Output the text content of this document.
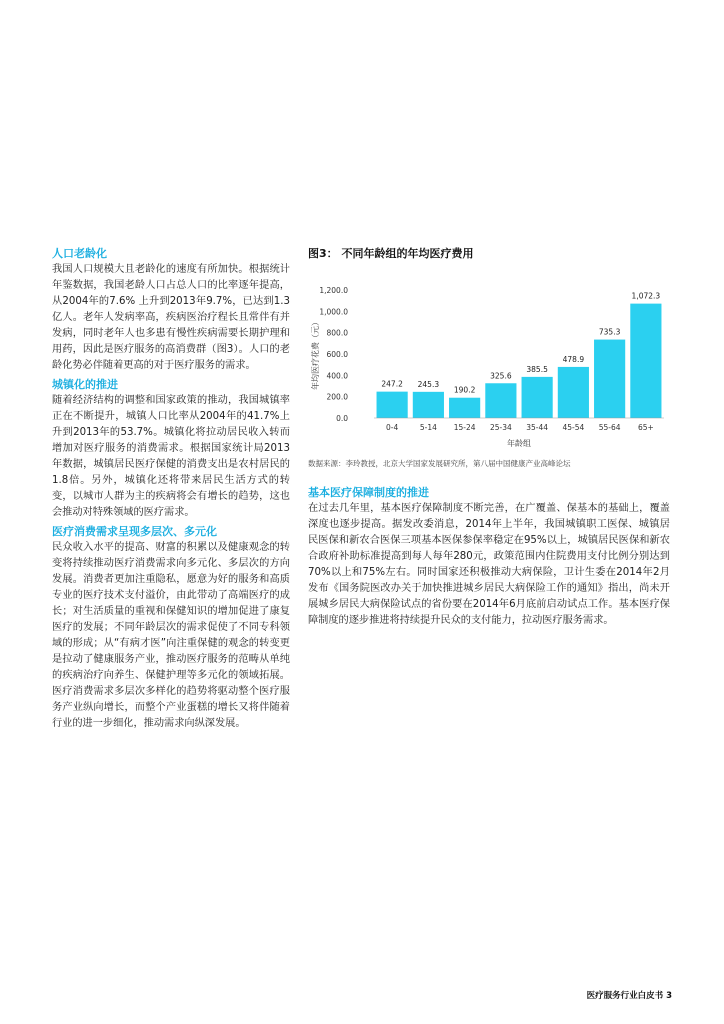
人口老龄化

我国人口规模大且老龄化的速度有所加快。根据统计年鉴数据，我国老龄人口占总人口的比率逐年提高，从2004年的7.6% 上升到2013年9.7%，已达到1.3亿人。老年人发病率高，疾病医治疗程长且常伴有并发病，同时老年人也多患有慢性疾病需要长期护理和用药，因此是医疗服务的高消费群（图3）。人口的老龄化势必伴随着更高的对于医疗服务的需求。

城镇化的推进

随着经济结构的调整和国家政策的推动，我国城镇率正在不断提升，城镇人口比率从2004年的41.7%上升到2013年的53.7%。城镇化将拉动居民收入转而增加对医疗服务的消费需求。根据国家统计局2013年数据，城镇居民医疗保健的消费支出是农村居民的1.8倍。另外，城镇化还将带来居民生活方式的转变，以城市人群为主的疾病将会有增长的趋势，这也会推动对特殊领域的医疗需求。

医疗消费需求呈现多层次、多元化

民众收入水平的提高、财富的积累以及健康观念的转变将持续推动医疗消费需求向多元化、多层次的方向发展。消费者更加注重隐私，愿意为好的服务和高质专业的医疗技术支付溢价，由此带动了高端医疗的成长；对生活质量的重视和保健知识的增加促进了康复医疗的发展；不同年龄层次的需求促使了不同专科领域的形成；从“有病才医”向注重保健的观念的转变更是拉动了健康服务产业，推动医疗服务的范畴从单纯的疾病治疗向养生、保健护理等多元化的领域拓展。医疗消费需求多层次多样化的趋势将驱动整个医疗服务产业纵向增长，而整个产业蛋糕的增长又将伴随着行业的进一步细化，推动需求向纵深发展。

图3： 不同年龄组的年均医疗费用

0.0
200.0
400.0
600.0
800.0
1,000.0
1,200.0
247.2 245.3
190.2
325.6
385.5
478.9
735.3
1,072.3
0-4	5-14 15-24 25-34 35-44 45-54 55-64 65+
年均医疗花费（元）
年龄组

数据来源：李玲教授，北京大学国家发展研究所，第八届中国健康产业高峰论坛

基本医疗保障制度的推进

在过去几年里，基本医疗保障制度不断完善，在广覆盖、保基本的基础上，覆盖深度也逐步提高。据发改委消息，2014年上半年，我国城镇职工医保、城镇居民医保和新农合医保三项基本医保参保率稳定在95%以上，城镇居民医保和新农合政府补助标准提高到每人每年280元，政策范围内住院费用支付比例分别达到70%以上和75%左右。同时国家还积极推动大病保险，卫计生委在2014年2月发布《国务院医改办关于加快推进城乡居民大病保险工作的通知》指出，尚未开展城乡居民大病保险试点的省份要在2014年6月底前启动试点工作。基本医疗保障制度的逐步推进将持续提升民众的支付能力，拉动医疗服务需求。

医疗服务行业白皮书 3
